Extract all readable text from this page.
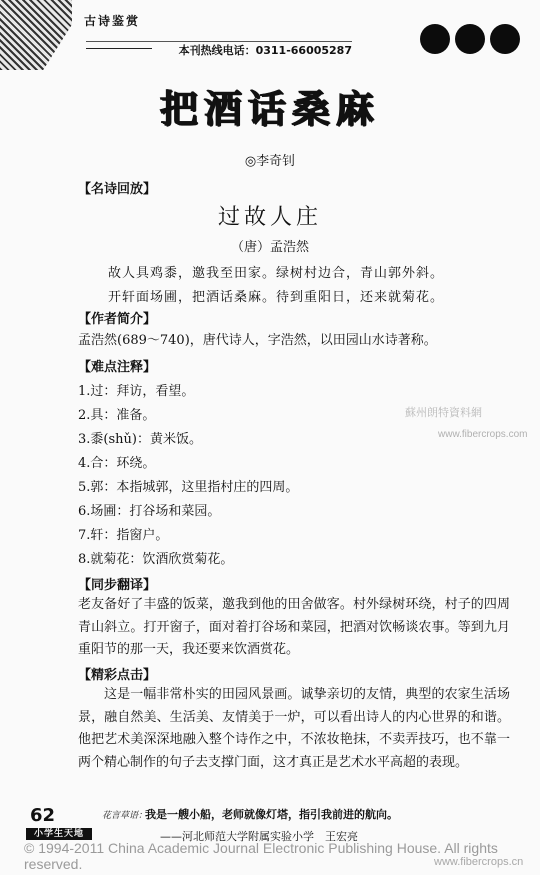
古诗鉴赏
本刊热线电话：0311-66005287
把酒话桑麻
◎李奇钊
【名诗回放】
过故人庄
（唐）孟浩然
故人具鸡黍，邀我至田家。绿树村边合，青山郭外斜。
开轩面场圃，把酒话桑麻。待到重阳日，还来就菊花。
【作者简介】
孟浩然(689～740)，唐代诗人，字浩然，以田园山水诗著称。
【难点注释】
1.过：拜访，看望。
2.具：准备。
3.黍(shǔ)：黄米饭。
4.合：环绕。
5.郭：本指城郭，这里指村庄的四周。
6.场圃：打谷场和菜园。
7.轩：指窗户。
8.就菊花：饮酒欣赏菊花。
【同步翻译】
老友备好了丰盛的饭菜，邀我到他的田舍做客。村外绿树环绕，村子的四周青山斜立。打开窗子，面对着打谷场和菜园，把酒对饮畅谈农事。等到九月重阳节的那一天，我还要来饮酒赏花。
【精彩点击】
这是一幅非常朴实的田园风景画。诚挚亲切的友情，典型的农家生活场景，融自然美、生活美、友情美于一炉，可以看出诗人的内心世界的和谐。他把艺术美深深地融入整个诗作之中，不浓妆艳抹，不卖弄技巧，也不靠一两个精心制作的句子去支撑门面，这才真正是艺术水平高超的表现。
蘇州朗特資料網
www.fibercrops.com
62
小学生天地
花言草语：
我是一艘小船，老师就像灯塔，指引我前进的航向。
——河北师范大学附属实验小学　王宏亮
© 1994-2011 China Academic Journal Electronic Publishing House. All rights reserved.	www.fibercrops.cn
